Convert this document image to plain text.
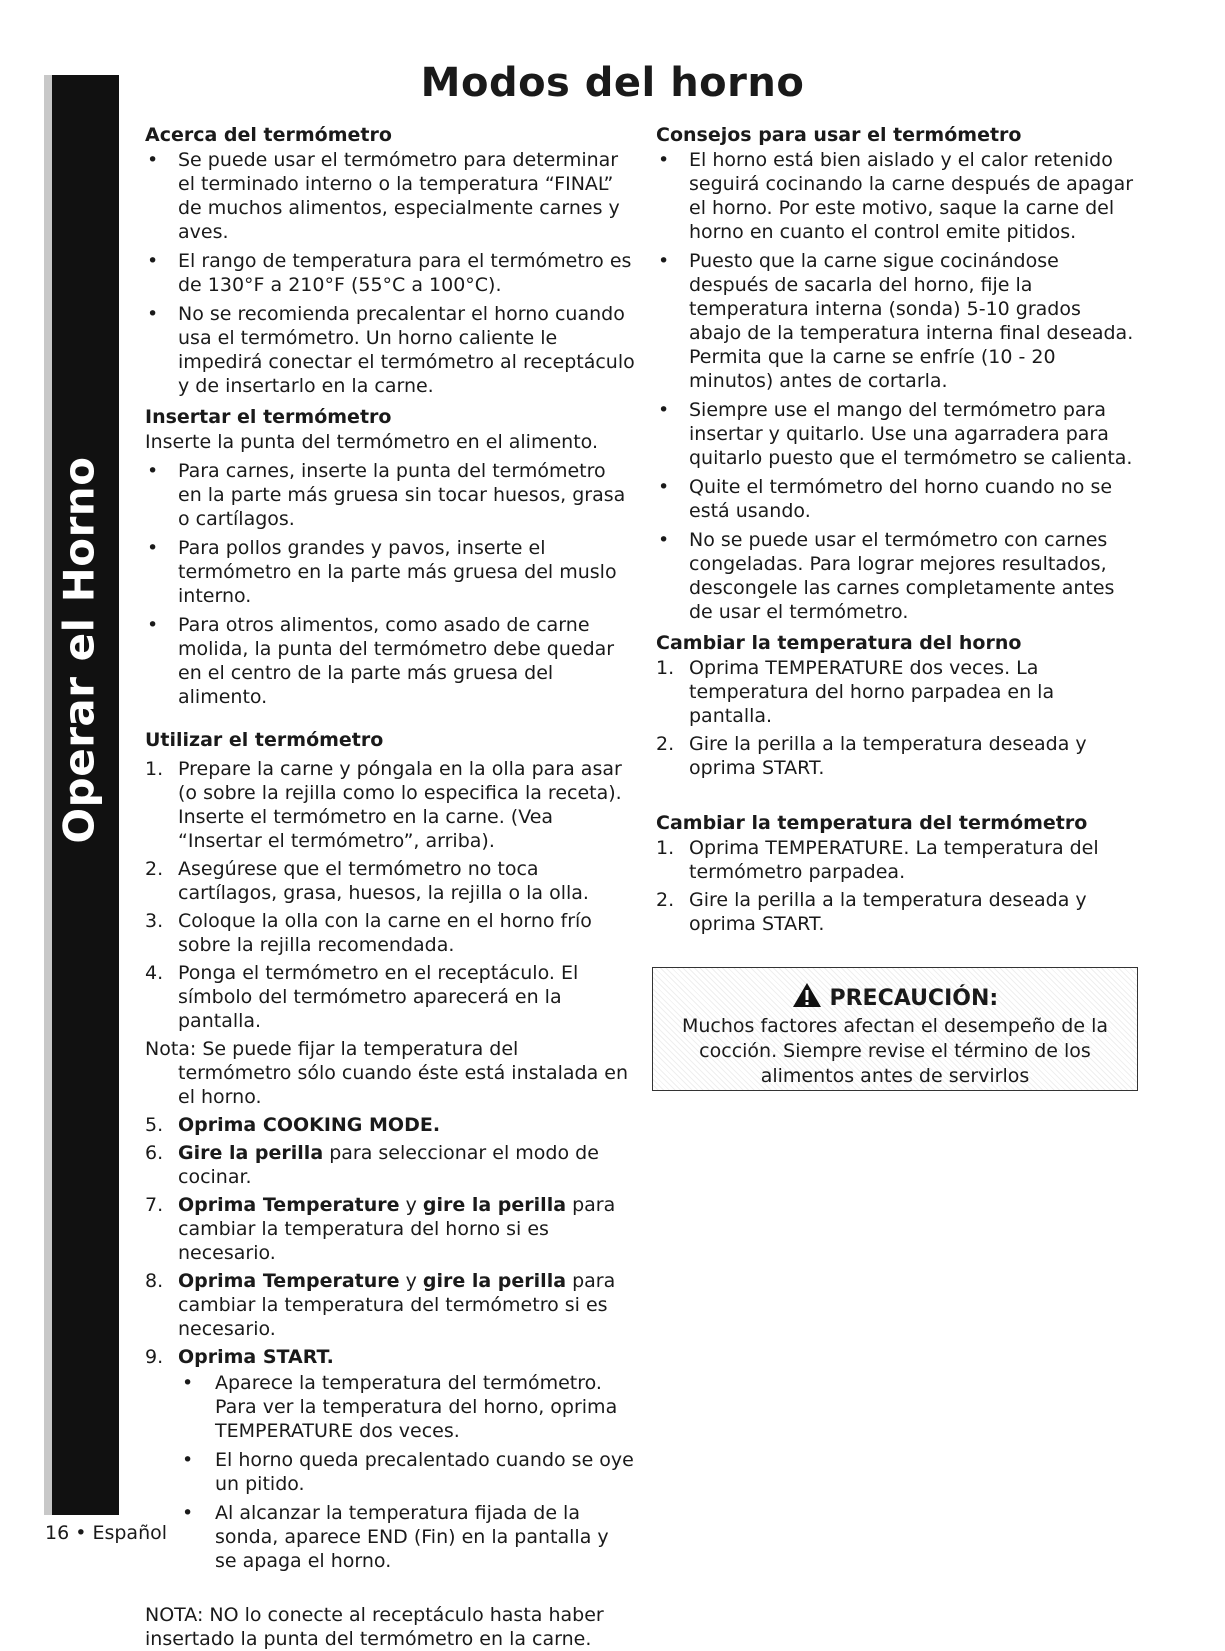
Modos del horno
Operar el Horno
Acerca del termómetro
• Se puede usar el termómetro para determinar el terminado interno o la temperatura “FINAL” de muchos alimentos, especialmente carnes y aves.
• El rango de temperatura para el termómetro es de 130°F a 210°F (55°C a 100°C).
• No se recomienda precalentar el horno cuando usa el termómetro. Un horno caliente le impedirá conectar el termómetro al receptáculo y de insertarlo en la carne.
Insertar el termómetro

Inserte la punta del termómetro en el alimento.

• Para carnes, inserte la punta del termómetro en la parte más gruesa sin tocar huesos, grasa o cartílagos.
• Para pollos grandes y pavos, inserte el termómetro en la parte más gruesa del muslo interno.
• Para otros alimentos, como asado de carne molida, la punta del termómetro debe quedar en el centro de la parte más gruesa del alimento.
Utilizar el termómetro
1. Prepare la carne y póngala en la olla para asar (o sobre la rejilla como lo especifica la receta). Inserte el termómetro en la carne. (Vea “Insertar el termómetro”, arriba).
2. Asegúrese que el termómetro no toca cartílagos, grasa, huesos, la rejilla o la olla.
3. Coloque la olla con la carne en el horno frío sobre la rejilla recomendada.
4. Ponga el termómetro en el receptáculo. El símbolo del termómetro aparecerá en la pantalla.

Nota: Se puede fijar la temperatura del termómetro sólo cuando éste está instalada en el horno.

5. Oprima COOKING MODE.
6. Gire la perilla para seleccionar el modo de cocinar.
7. Oprima Temperature y gire la perilla para cambiar la temperatura del horno si es necesario.
8. Oprima Temperature y gire la perilla para cambiar la temperatura del termómetro si es necesario.
9. Oprima START.
• Aparece la temperatura del termómetro. Para ver la temperatura del horno, oprima TEMPERATURE dos veces.
• El horno queda precalentado cuando se oye un pitido.
• Al alcanzar la temperatura fijada de la sonda, aparece END (Fin) en la pantalla y se apaga el horno.

NOTA: NO lo conecte al receptáculo hasta haber insertado la punta del termómetro en la carne.

Consejos para usar el termómetro
• El horno está bien aislado y el calor retenido seguirá cocinando la carne después de apagar el horno. Por este motivo, saque la carne del horno en cuanto el control emite pitidos.
• Puesto que la carne sigue cocinándose después de sacarla del horno, fije la temperatura interna (sonda) 5-10 grados abajo de la temperatura interna final deseada. Permita que la carne se enfríe (10 - 20 minutos) antes de cortarla.
• Siempre use el mango del termómetro para insertar y quitarlo. Use una agarradera para quitarlo puesto que el termómetro se calienta.
• Quite el termómetro del horno cuando no se está usando.
• No se puede usar el termómetro con carnes congeladas. Para lograr mejores resultados, descongele las carnes completamente antes de usar el termómetro.
Cambiar la temperatura del horno
1. Oprima TEMPERATURE dos veces. La temperatura del horno parpadea en la pantalla.
2. Gire la perilla a la temperatura deseada y oprima START.
Cambiar la temperatura del termómetro
1. Oprima TEMPERATURE. La temperatura del termómetro parpadea.
2. Gire la perilla a la temperatura deseada y oprima START.
PRECAUCIÓN:
Muchos factores afectan el desempeño de la cocción. Siempre revise el término de los alimentos antes de servirlos
16 • Español
